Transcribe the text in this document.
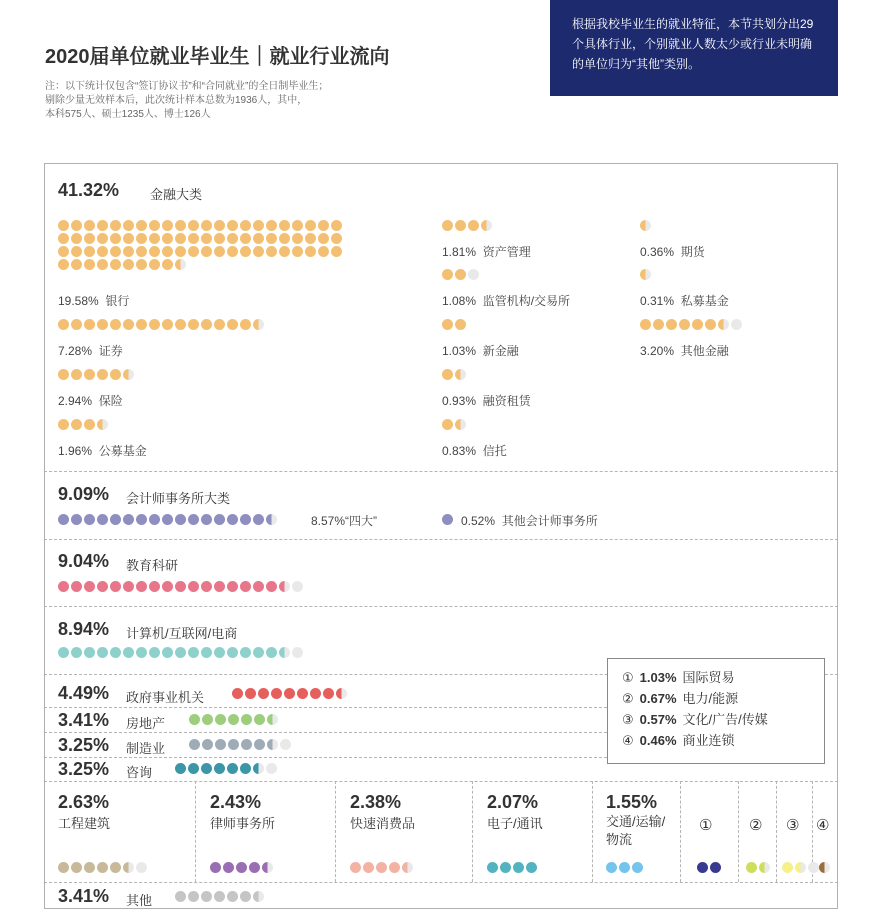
2020届单位就业毕业生｜就业行业流向
注：以下统计仅包含“签订协议书”和“合同就业”的全日制毕业生；
剔除少量无效样本后，此次统计样本总数为1936人，其中，
本科575人、硕士1235人、博士126人
根据我校毕业生的就业特征，本节共划分出29个具体行业，个别就业人数太少或行业未明确的单位归为“其他”类别。
41.32% 金融大类
19.58% 银行
7.28% 证券
2.94% 保险
1.96% 公募基金
1.81% 资产管理
1.08% 监管机构/交易所
1.03% 新金融
0.93% 融资租赁
0.83% 信托
0.36% 期货
0.31% 私募基金
3.20% 其他金融
9.09% 会计师事务所大类
8.57%“四大”	0.52% 其他会计师事务所
9.04% 教育科研
8.94% 计算机/互联网/电商
4.49% 政府事业机关
3.41% 房地产
3.25% 制造业
3.25% 咨询
① 1.03% 国际贸易
② 0.67% 电力/能源
③ 0.57% 文化/广告/传媒
④ 0.46% 商业连锁
2.63%
工程建筑
2.43%
律师事务所
2.38%
快速消费品
2.07%
电子/通讯
1.55%
交通/运输/物流
① ② ③ ④
3.41% 其他
